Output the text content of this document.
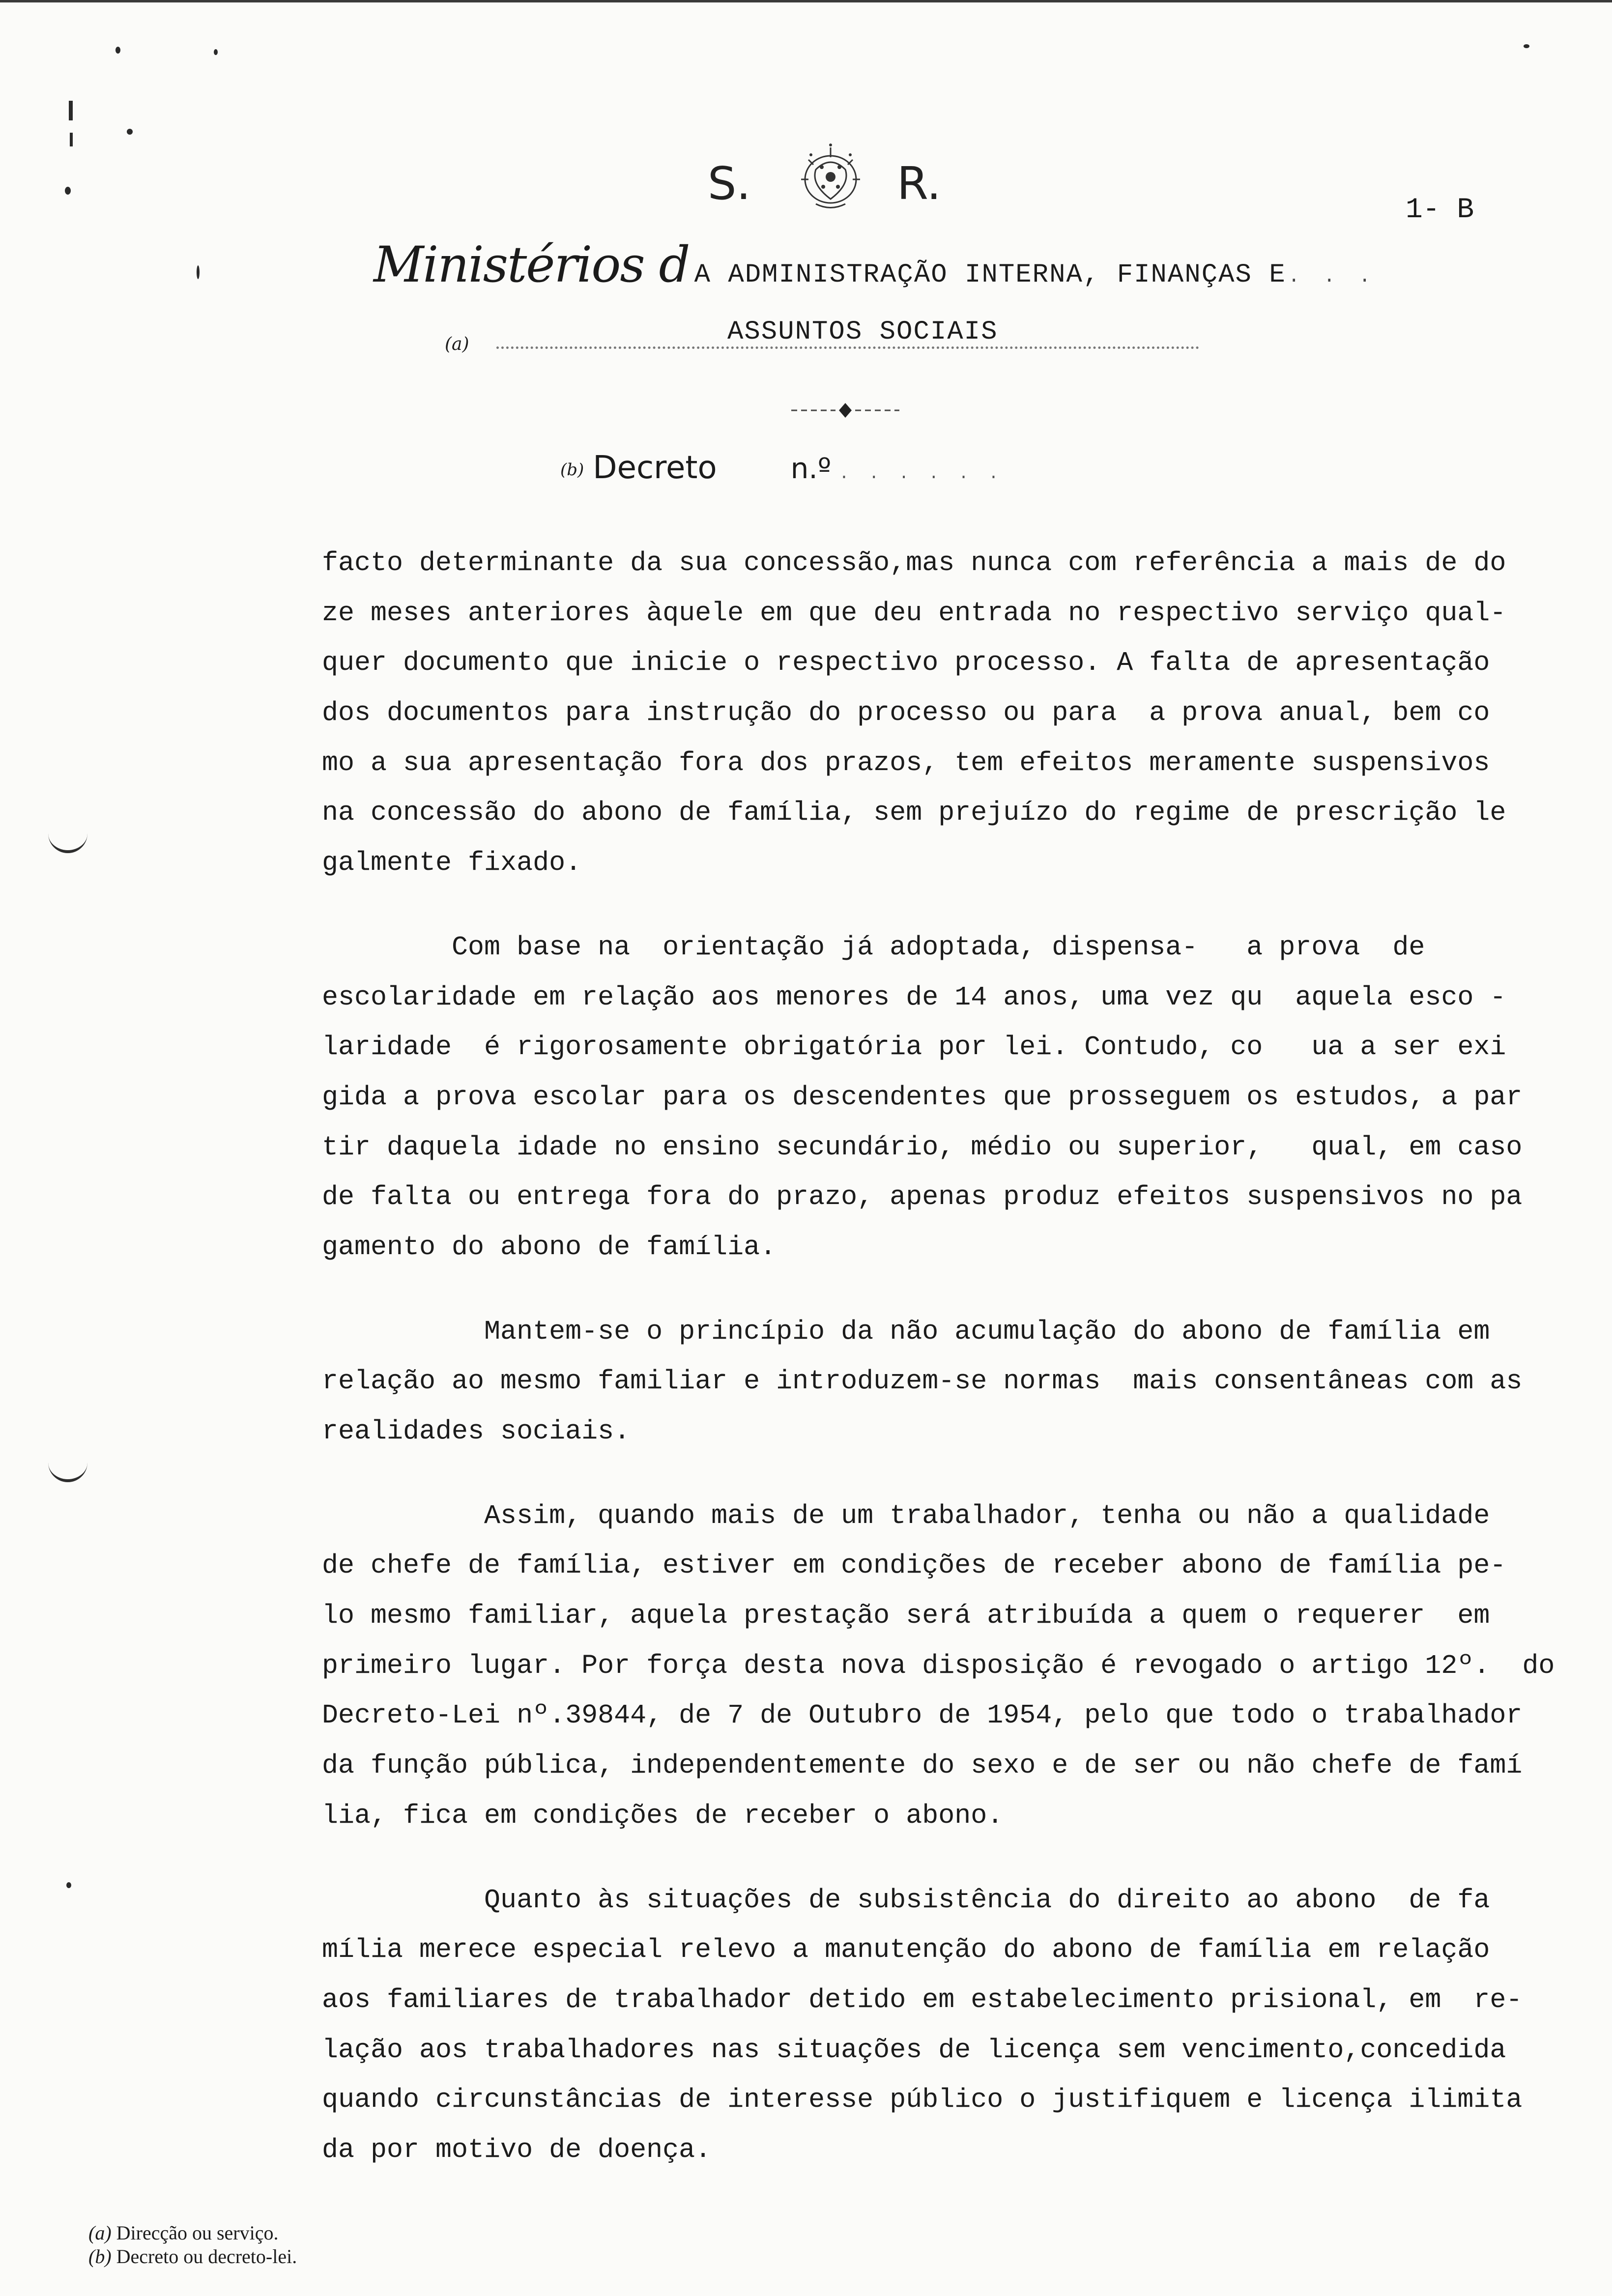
S.	R.
1- B
Ministérios d A ADMINISTRAÇÃO INTERNA, FINANÇAS E . . .
(a)	ASSUNTOS SOCIAIS
(b) Decreto	n.º . . . . . .
facto determinante da sua concessão,mas nunca com referência a mais de do
ze meses anteriores àquele em que deu entrada no respectivo serviço qual-
quer documento que inicie o respectivo processo. A falta de apresentação
dos documentos para instrução do processo ou para  a prova anual, bem co
mo a sua apresentação fora dos prazos, tem efeitos meramente suspensivos
na concessão do abono de família, sem prejuízo do regime de prescrição le
galmente fixado.
Com base na  orientação já adoptada, dispensa-   a prova  de
escolaridade em relação aos menores de 14 anos, uma vez qu  aquela esco -
laridade  é rigorosamente obrigatória por lei. Contudo, co   ua a ser exi
gida a prova escolar para os descendentes que prosseguem os estudos, a par
tir daquela idade no ensino secundário, médio ou superior,   qual, em caso
de falta ou entrega fora do prazo, apenas produz efeitos suspensivos no pa
gamento do abono de família.
Mantem-se o princípio da não acumulação do abono de família em
relação ao mesmo familiar e introduzem-se normas  mais consentâneas com as
realidades sociais.
Assim, quando mais de um trabalhador, tenha ou não a qualidade
de chefe de família, estiver em condições de receber abono de família pe-
lo mesmo familiar, aquela prestação será atribuída a quem o requerer  em
primeiro lugar. Por força desta nova disposição é revogado o artigo 12º.  do
Decreto-Lei nº.39844, de 7 de Outubro de 1954, pelo que todo o trabalhador
da função pública, independentemente do sexo e de ser ou não chefe de famí
lia, fica em condições de receber o abono.
Quanto às situações de subsistência do direito ao abono  de fa
mília merece especial relevo a manutenção do abono de família em relação
aos familiares de trabalhador detido em estabelecimento prisional, em  re-
lação aos trabalhadores nas situações de licença sem vencimento,concedida
quando circunstâncias de interesse público o justifiquem e licença ilimita
da por motivo de doença.
(a) Direcção ou serviço.
(b) Decreto ou decreto-lei.
